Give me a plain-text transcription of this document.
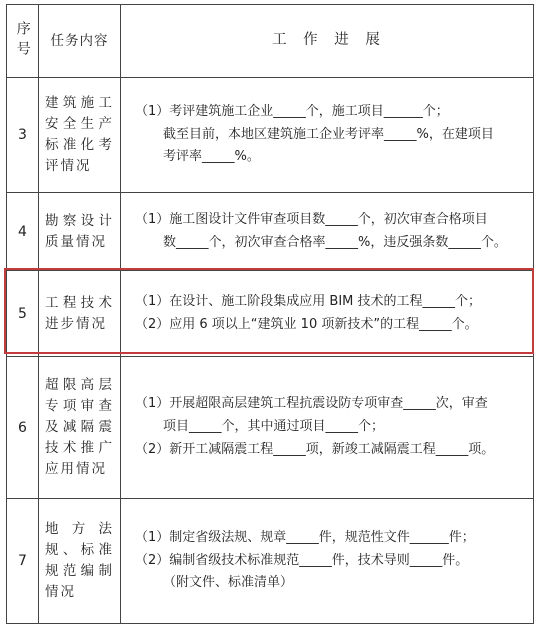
序号 任务内容	工 作 进 展
3
建筑施工安全生产标准化考评情况
（1）考评建筑施工企业_____个，施工项目______个；
截至目前，本地区建筑施工企业考评率_____%，在建项目
考评率_____%。
4
勘察设计质量情况
（1）施工图设计文件审查项目数_____个，初次审查合格项目
数_____个，初次审查合格率_____%，违反强条数_____个。
5
工程技术进步情况
（1）在设计、施工阶段集成应用 BIM 技术的工程_____个；
（2）应用 6 项以上“建筑业 10 项新技术”的工程_____个。
6
超限高层专项审查及减隔震技术推广应用情况
（1）开展超限高层建筑工程抗震设防专项审查_____次，审查
项目_____个，其中通过项目_____个；
（2）新开工减隔震工程_____项，新竣工减隔震工程_____项。
7
地方法规、标准规范编制情况
（1）制定省级法规、规章_____件，规范性文件______件；
（2）编制省级技术标准规范_____件，技术导则_____件。
（附文件、标准清单）
